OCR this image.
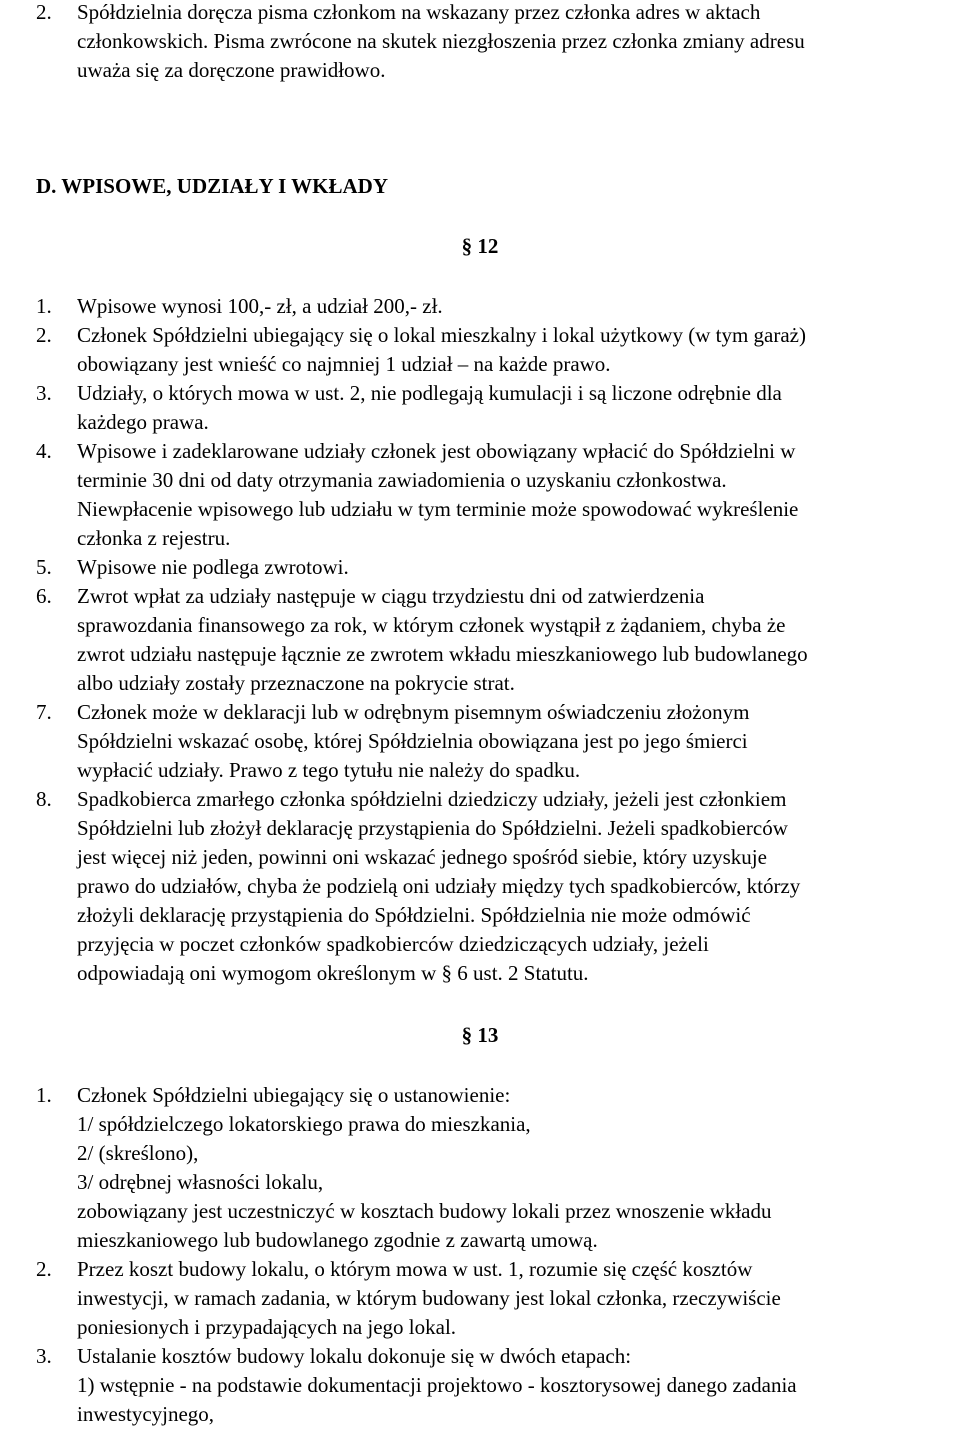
2. Spółdzielnia doręcza pisma członkom na wskazany przez członka adres w aktach
członkowskich. Pisma zwrócone na skutek niezgłoszenia przez członka zmiany adresu
uważa się za doręczone prawidłowo.
D. WPISOWE, UDZIAŁY I WKŁADY
§ 12
1. Wpisowe wynosi 100,- zł, a udział 200,- zł.
2. Członek Spółdzielni ubiegający się o lokal mieszkalny i lokal użytkowy (w tym garaż)
obowiązany jest wnieść co najmniej 1 udział – na każde prawo.
3. Udziały, o których mowa w ust. 2, nie podlegają kumulacji i są liczone odrębnie dla
każdego prawa.
4. Wpisowe i zadeklarowane udziały członek jest obowiązany wpłacić do Spółdzielni w
terminie 30 dni od daty otrzymania zawiadomienia o uzyskaniu członkostwa.
Niewpłacenie wpisowego lub udziału w tym terminie może spowodować wykreślenie
członka z rejestru.
5. Wpisowe nie podlega zwrotowi.
6. Zwrot wpłat za udziały następuje w ciągu trzydziestu dni od zatwierdzenia
sprawozdania finansowego za rok, w którym członek wystąpił z żądaniem, chyba że
zwrot udziału następuje łącznie ze zwrotem wkładu mieszkaniowego lub budowlanego
albo udziały zostały przeznaczone na pokrycie strat.
7. Członek może w deklaracji lub w odrębnym pisemnym oświadczeniu złożonym
Spółdzielni wskazać osobę, której Spółdzielnia obowiązana jest po jego śmierci
wypłacić udziały. Prawo z tego tytułu nie należy do spadku.
8. Spadkobierca zmarłego członka spółdzielni dziedziczy udziały, jeżeli jest członkiem
Spółdzielni lub złożył deklarację przystąpienia do Spółdzielni. Jeżeli spadkobierców
jest więcej niż jeden, powinni oni wskazać jednego spośród siebie, który uzyskuje
prawo do udziałów, chyba że podzielą oni udziały między tych spadkobierców, którzy
złożyli deklarację przystąpienia do Spółdzielni. Spółdzielnia nie może odmówić
przyjęcia w poczet członków spadkobierców dziedziczących udziały, jeżeli
odpowiadają oni wymogom określonym w § 6 ust. 2 Statutu.
§ 13
1. Członek Spółdzielni ubiegający się o ustanowienie:
1/ spółdzielczego lokatorskiego prawa do mieszkania,
2/ (skreślono),
3/ odrębnej własności lokalu,
zobowiązany jest uczestniczyć w kosztach budowy lokali przez wnoszenie wkładu
mieszkaniowego lub budowlanego zgodnie z zawartą umową.
2. Przez koszt budowy lokalu, o którym mowa w ust. 1, rozumie się część kosztów
inwestycji, w ramach zadania, w którym budowany jest lokal członka, rzeczywiście
poniesionych i przypadających na jego lokal.
3. Ustalanie kosztów budowy lokalu dokonuje się w dwóch etapach:
1) wstępnie - na podstawie dokumentacji projektowo - kosztorysowej danego zadania
inwestycyjnego,
